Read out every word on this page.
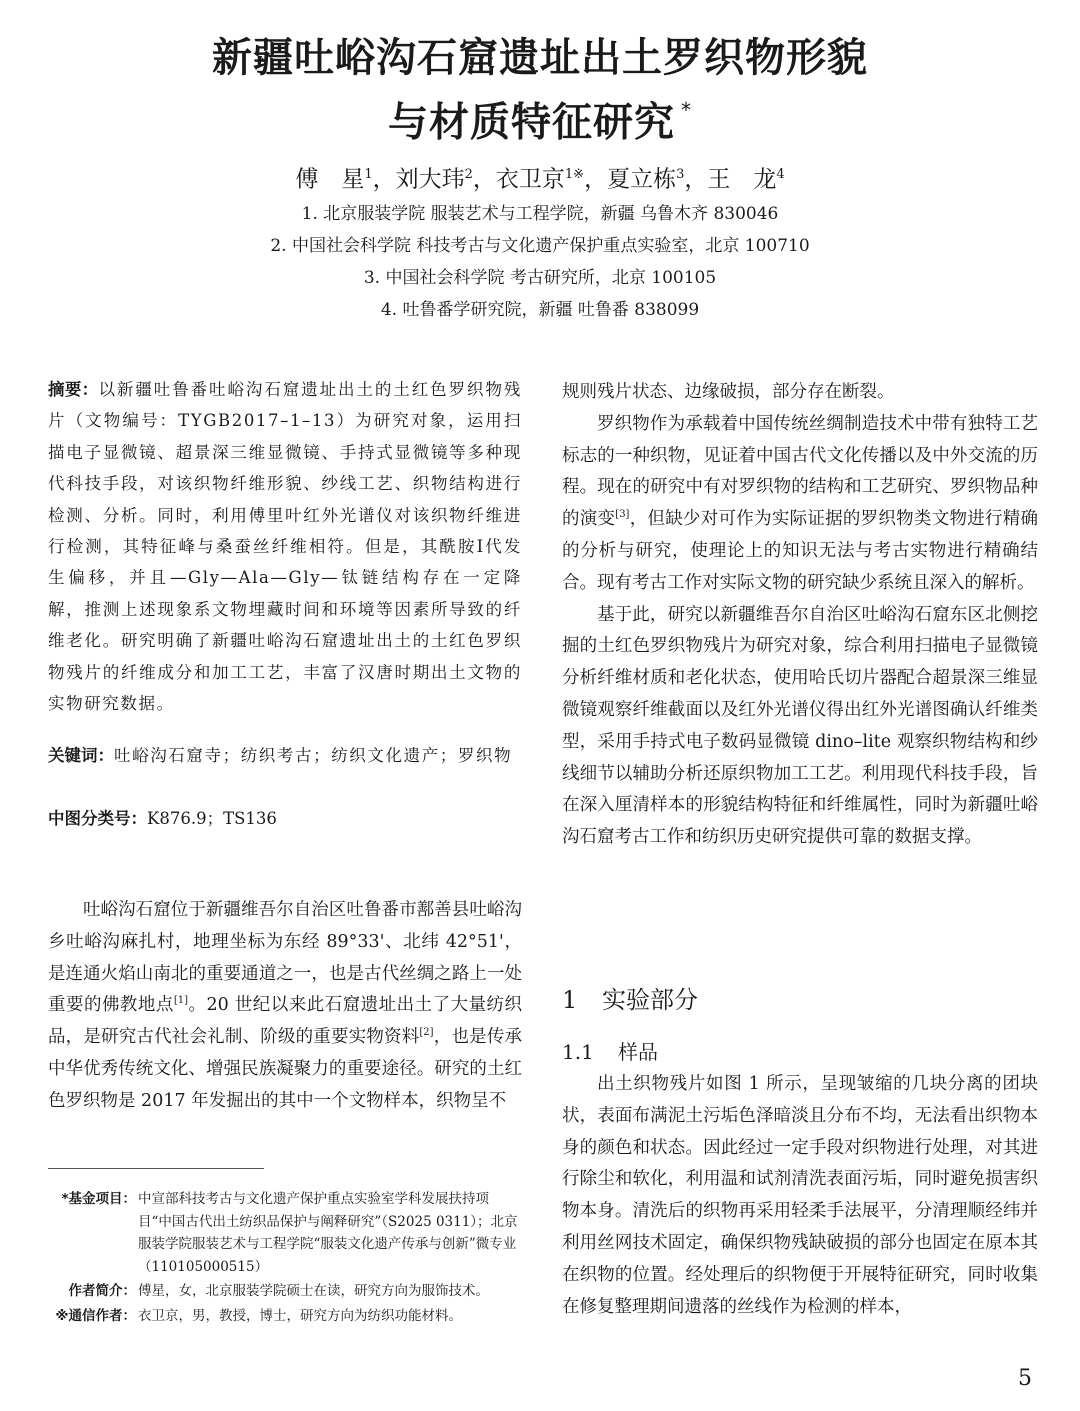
新疆吐峪沟石窟遗址出土罗织物形貌
与材质特征研究 *
傅　星$^1$，刘大玮$^2$，衣卫京$^{1※}$，夏立栋$^3$，王　龙$^4$
1. 北京服装学院 服装艺术与工程学院，新疆 乌鲁木齐 830046
2. 中国社会科学院 科技考古与文化遗产保护重点实验室，北京 100710
3. 中国社会科学院 考古研究所，北京 100105
4. 吐鲁番学研究院，新疆 吐鲁番 838099
摘要：以新疆吐鲁番吐峪沟石窟遗址出土的土红色罗织物残片（文物编号：TYGB2017–1–13）为研究对象，运用扫描电子显微镜、超景深三维显微镜、手持式显微镜等多种现代科技手段，对该织物纤维形貌、纱线工艺、织物结构进行检测、分析。同时，利用傅里叶红外光谱仪对该织物纤维进行检测，其特征峰与桑蚕丝纤维相符。但是，其酰胺Ⅰ代发生偏移，并且—Gly—Ala—Gly—钛链结构存在一定降解，推测上述现象系文物埋藏时间和环境等因素所导致的纤维老化。研究明确了新疆吐峪沟石窟遗址出土的土红色罗织物残片的纤维成分和加工工艺，丰富了汉唐时期出土文物的实物研究数据。
关键词：吐峪沟石窟寺；纺织考古；纺织文化遗产；罗织物
中图分类号：K876.9；TS136

吐峪沟石窟位于新疆维吾尔自治区吐鲁番市鄯善县吐峪沟乡吐峪沟麻扎村，地理坐标为东经 89°33'、北纬 42°51'，是连通火焰山南北的重要通道之一，也是古代丝绸之路上一处重要的佛教地点[1]。20 世纪以来此石窟遗址出土了大量纺织品，是研究古代社会礼制、阶级的重要实物资料[2]，也是传承中华优秀传统文化、增强民族凝聚力的重要途径。研究的土红色罗织物是 2017 年发掘出的其中一个文物样本，织物呈不

*基金项目： 中宣部科技考古与文化遗产保护重点实验室学科发展扶持项目“中国古代出土纺织品保护与阐释研究”（S2025 0311）；北京服装学院服装艺术与工程学院“服装文化遗产传承与创新”微专业（110105000515）
作者简介： 傅星，女，北京服装学院硕士在读，研究方向为服饰技术。
※通信作者： 衣卫京，男，教授，博士，研究方向为纺织功能材料。

规则残片状态、边缘破损，部分存在断裂。

罗织物作为承载着中国传统丝绸制造技术中带有独特工艺标志的一种织物，见证着中国古代文化传播以及中外交流的历程。现在的研究中有对罗织物的结构和工艺研究、罗织物品种的演变[3]，但缺少对可作为实际证据的罗织物类文物进行精确的分析与研究，使理论上的知识无法与考古实物进行精确结合。现有考古工作对实际文物的研究缺少系统且深入的解析。

基于此，研究以新疆维吾尔自治区吐峪沟石窟东区北侧挖掘的土红色罗织物残片为研究对象，综合利用扫描电子显微镜分析纤维材质和老化状态，使用哈氏切片器配合超景深三维显微镜观察纤维截面以及红外光谱仪得出红外光谱图确认纤维类型，采用手持式电子数码显微镜 dino–lite 观察织物结构和纱线细节以辅助分析还原织物加工工艺。利用现代科技手段，旨在深入厘清样本的形貌结构特征和纤维属性，同时为新疆吐峪沟石窟考古工作和纺织历史研究提供可靠的数据支撑。

1 实验部分
1.1 样品

出土织物残片如图 1 所示，呈现皱缩的几块分离的团块状，表面布满泥土污垢色泽暗淡且分布不均，无法看出织物本身的颜色和状态。因此经过一定手段对织物进行处理，对其进行除尘和软化，利用温和试剂清洗表面污垢，同时避免损害织物本身。清洗后的织物再采用轻柔手法展平，分清理顺经纬并利用丝网技术固定，确保织物残缺破损的部分也固定在原本其在织物的位置。经处理后的织物便于开展特征研究，同时收集在修复整理期间遗落的丝线作为检测的样本，

5
